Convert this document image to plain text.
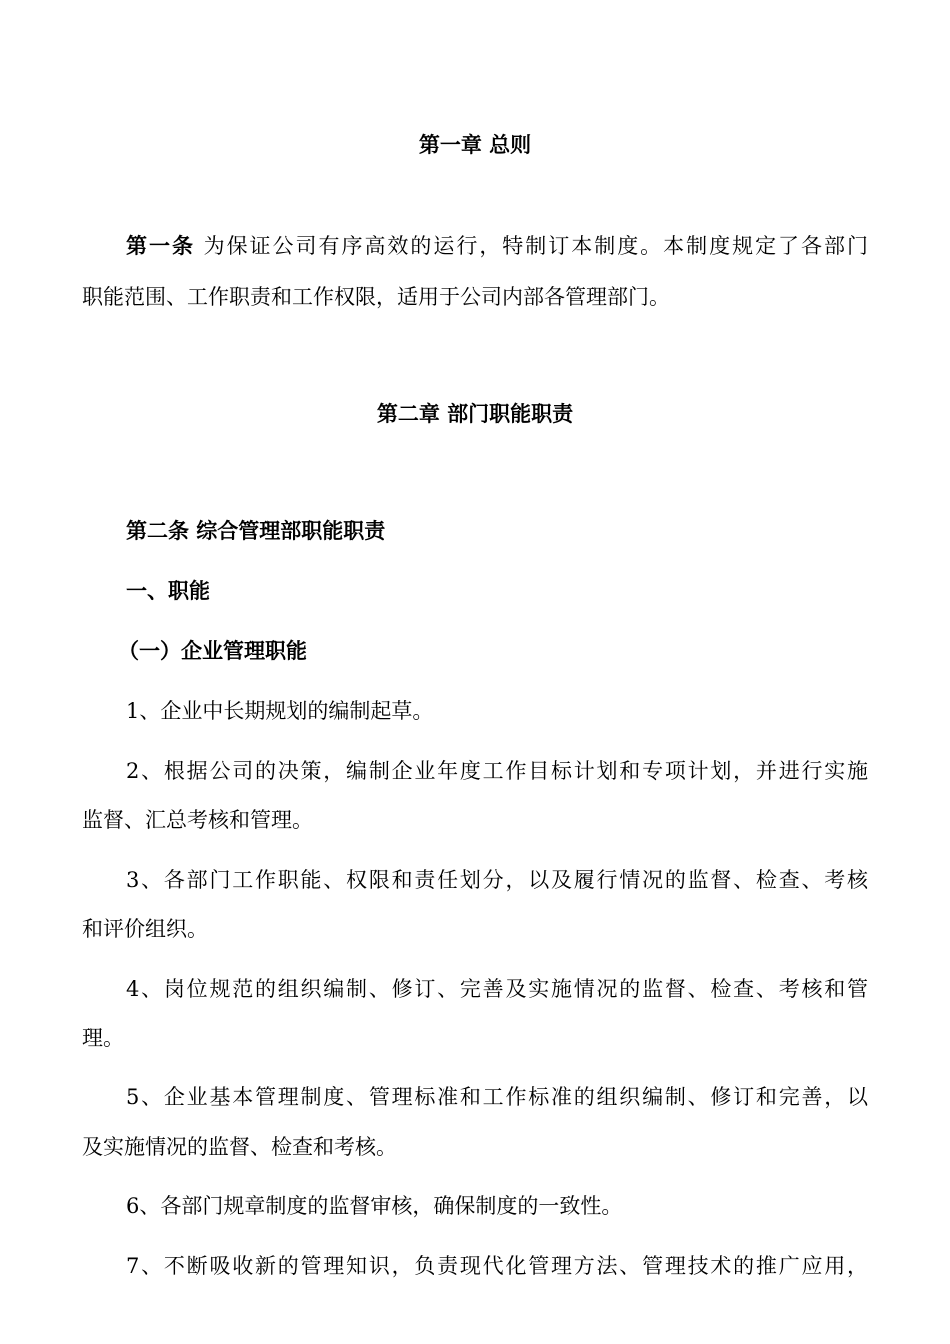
第一章 总则
第一条 为保证公司有序高效的运行，特制订本制度。本制度规定了各部门
职能范围、工作职责和工作权限，适用于公司内部各管理部门。
第二章 部门职能职责
第二条 综合管理部职能职责
一、职能
（一）企业管理职能
1、企业中长期规划的编制起草。
2、根据公司的决策，编制企业年度工作目标计划和专项计划，并进行实施
监督、汇总考核和管理。
3、各部门工作职能、权限和责任划分，以及履行情况的监督、检查、考核
和评价组织。
4、岗位规范的组织编制、修订、完善及实施情况的监督、检查、考核和管
理。
5、企业基本管理制度、管理标准和工作标准的组织编制、修订和完善，以
及实施情况的监督、检查和考核。
6、各部门规章制度的监督审核，确保制度的一致性。
7、不断吸收新的管理知识，负责现代化管理方法、管理技术的推广应用，
